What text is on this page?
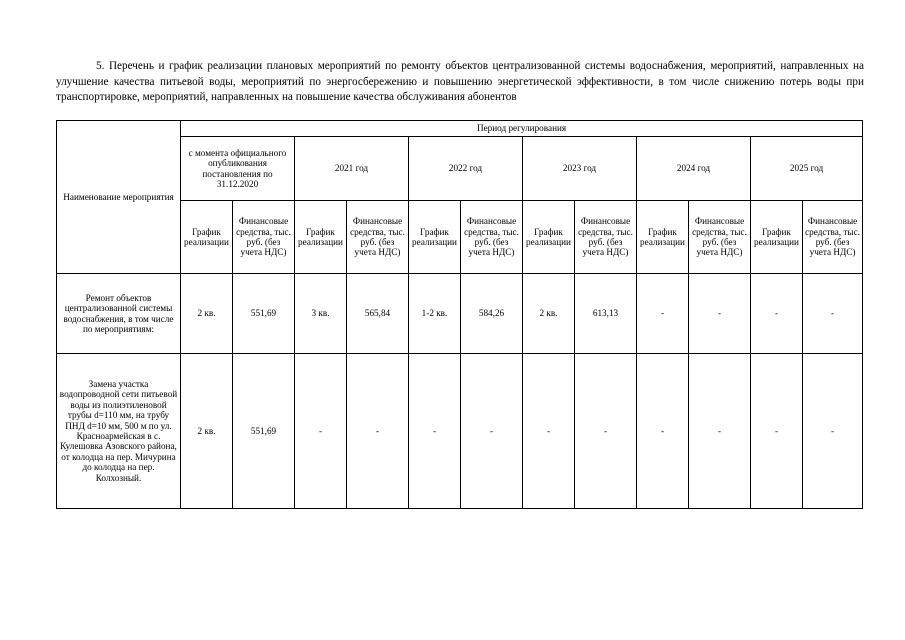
5. Перечень и график реализации плановых мероприятий по ремонту объектов централизованной системы водоснабжения, мероприятий, направленных на улучшение качества питьевой воды, мероприятий по энергосбережению и повышению энергетической эффективности, в том числе снижению потерь воды при транспортировке, мероприятий, направленных на повышение качества обслуживания абонентов

Наименование мероприятия	Период регулирования											
	с момента официального опубликования постановления по 31.12.2020		2021 год		2022 год		2023 год		2024 год		2025 год	
	График реализации	Финансовые средства, тыс. руб. (без учета НДС)	График реализации	Финансовые средства, тыс. руб. (без учета НДС)	График реализации	Финансовые средства, тыс. руб. (без учета НДС)	График реализации	Финансовые средства, тыс. руб. (без учета НДС)	График реализации	Финансовые средства, тыс. руб. (без учета НДС)	График реализации	Финансовые средства, тыс. руб. (без учета НДС)
Ремонт объектов централизованной системы водоснабжения, в том числе по мероприятиям:	2 кв.	551,69	3 кв.	565,84	1-2 кв.	584,26	2 кв.	613,13	-	-	-	-
Замена участка водопроводной сети питьевой воды из полиэтиленовой трубы d=110 мм, на трубу ПНД d=10 мм, 500 м по ул. Красноармейская в с. Кулешовка Азовского района, от колодца на пер. Мичурина до колодца на пер. Колхозный.	2 кв.	551,69	-	-	-	-	-	-	-	-	-	-
